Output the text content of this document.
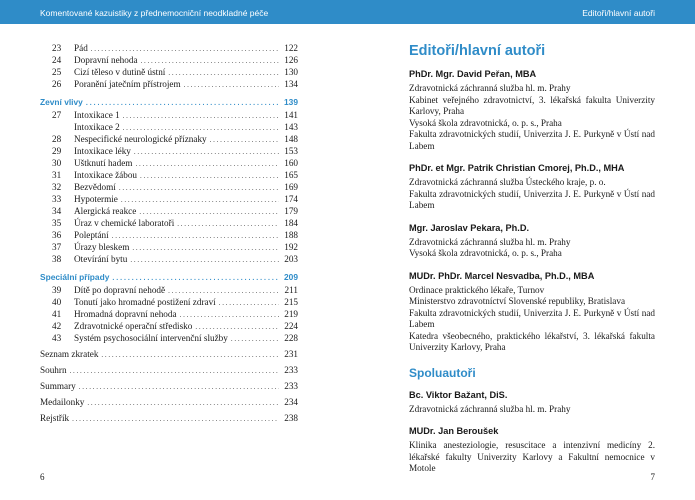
Komentované kazuistiky z přednemocniční neodkladné péče
23	Pád . . .	122
24	Dopravní nehoda . . .	126
25	Cizí těleso v dutině ústní . . .	130
26	Poranění jatečním přístrojem . . .	134
Zevní vlivy . . .	139
27	Intoxikace 1 . . .	141
Intoxikace 2 . . .	143
28	Nespecifické neurologické příznaky . . .	148
29	Intoxikace léky . . .	153
30	Uštknutí hadem . . .	160
31	Intoxikace žábou . . .	165
32	Bezvědomí . . .	169
33	Hypotermie . . .	174
34	Alergická reakce . . .	179
35	Úraz v chemické laboratoři . . .	184
36	Poleptání . . .	188
37	Úrazy bleskem . . .	192
38	Otevírání bytu . . .	203
Speciální případy . . .	209
39	Dítě po dopravní nehodě . . .	211
40	Tonutí jako hromadné postižení zdraví . . .	215
41	Hromadná dopravní nehoda . . .	219
42	Zdravotnické operační středisko . . .	224
43	Systém psychosociální intervenční služby . . .	228
Seznam zkratek . . .	231
Souhrn . . .	233
Summary . . .	233
Medailonky . . .	234
Rejstřík . . .	238
6
Editoři/hlavní autoři
Editoři/hlavní autoři
PhDr. Mgr. David Peřan, MBA
Zdravotnická záchranná služba hl. m. Prahy
Kabinet veřejného zdravotnictví, 3. lékařská fakulta Univerzity Karlovy, Praha
Vysoká škola zdravotnická, o. p. s., Praha
Fakulta zdravotnických studií, Univerzita J. E. Purkyně v Ústí nad Labem
PhDr. et Mgr. Patrik Christian Cmorej, Ph.D., MHA
Zdravotnická záchranná služba Ústeckého kraje, p. o.
Fakulta zdravotnických studií, Univerzita J. E. Purkyně v Ústí nad Labem
Mgr. Jaroslav Pekara, Ph.D.
Zdravotnická záchranná služba hl. m. Prahy
Vysoká škola zdravotnická, o. p. s., Praha
MUDr. PhDr. Marcel Nesvadba, Ph.D., MBA
Ordinace praktického lékaře, Turnov
Ministerstvo zdravotníctví Slovenské republiky, Bratislava
Fakulta zdravotnických studií, Univerzita J. E. Purkyně v Ústí nad Labem
Katedra všeobecného, praktického lékařství, 3. lékařská fakulta Univerzity Karlovy, Praha
Spoluautoři
Bc. Viktor Bažant, DiS.
Zdravotnická záchranná služba hl. m. Prahy
MUDr. Jan Beroušek
Klinika anesteziologie, resuscitace a intenzivní medicíny 2. lékařské fakulty Univerzity Karlovy a Fakultní nemocnice v Motole
7
